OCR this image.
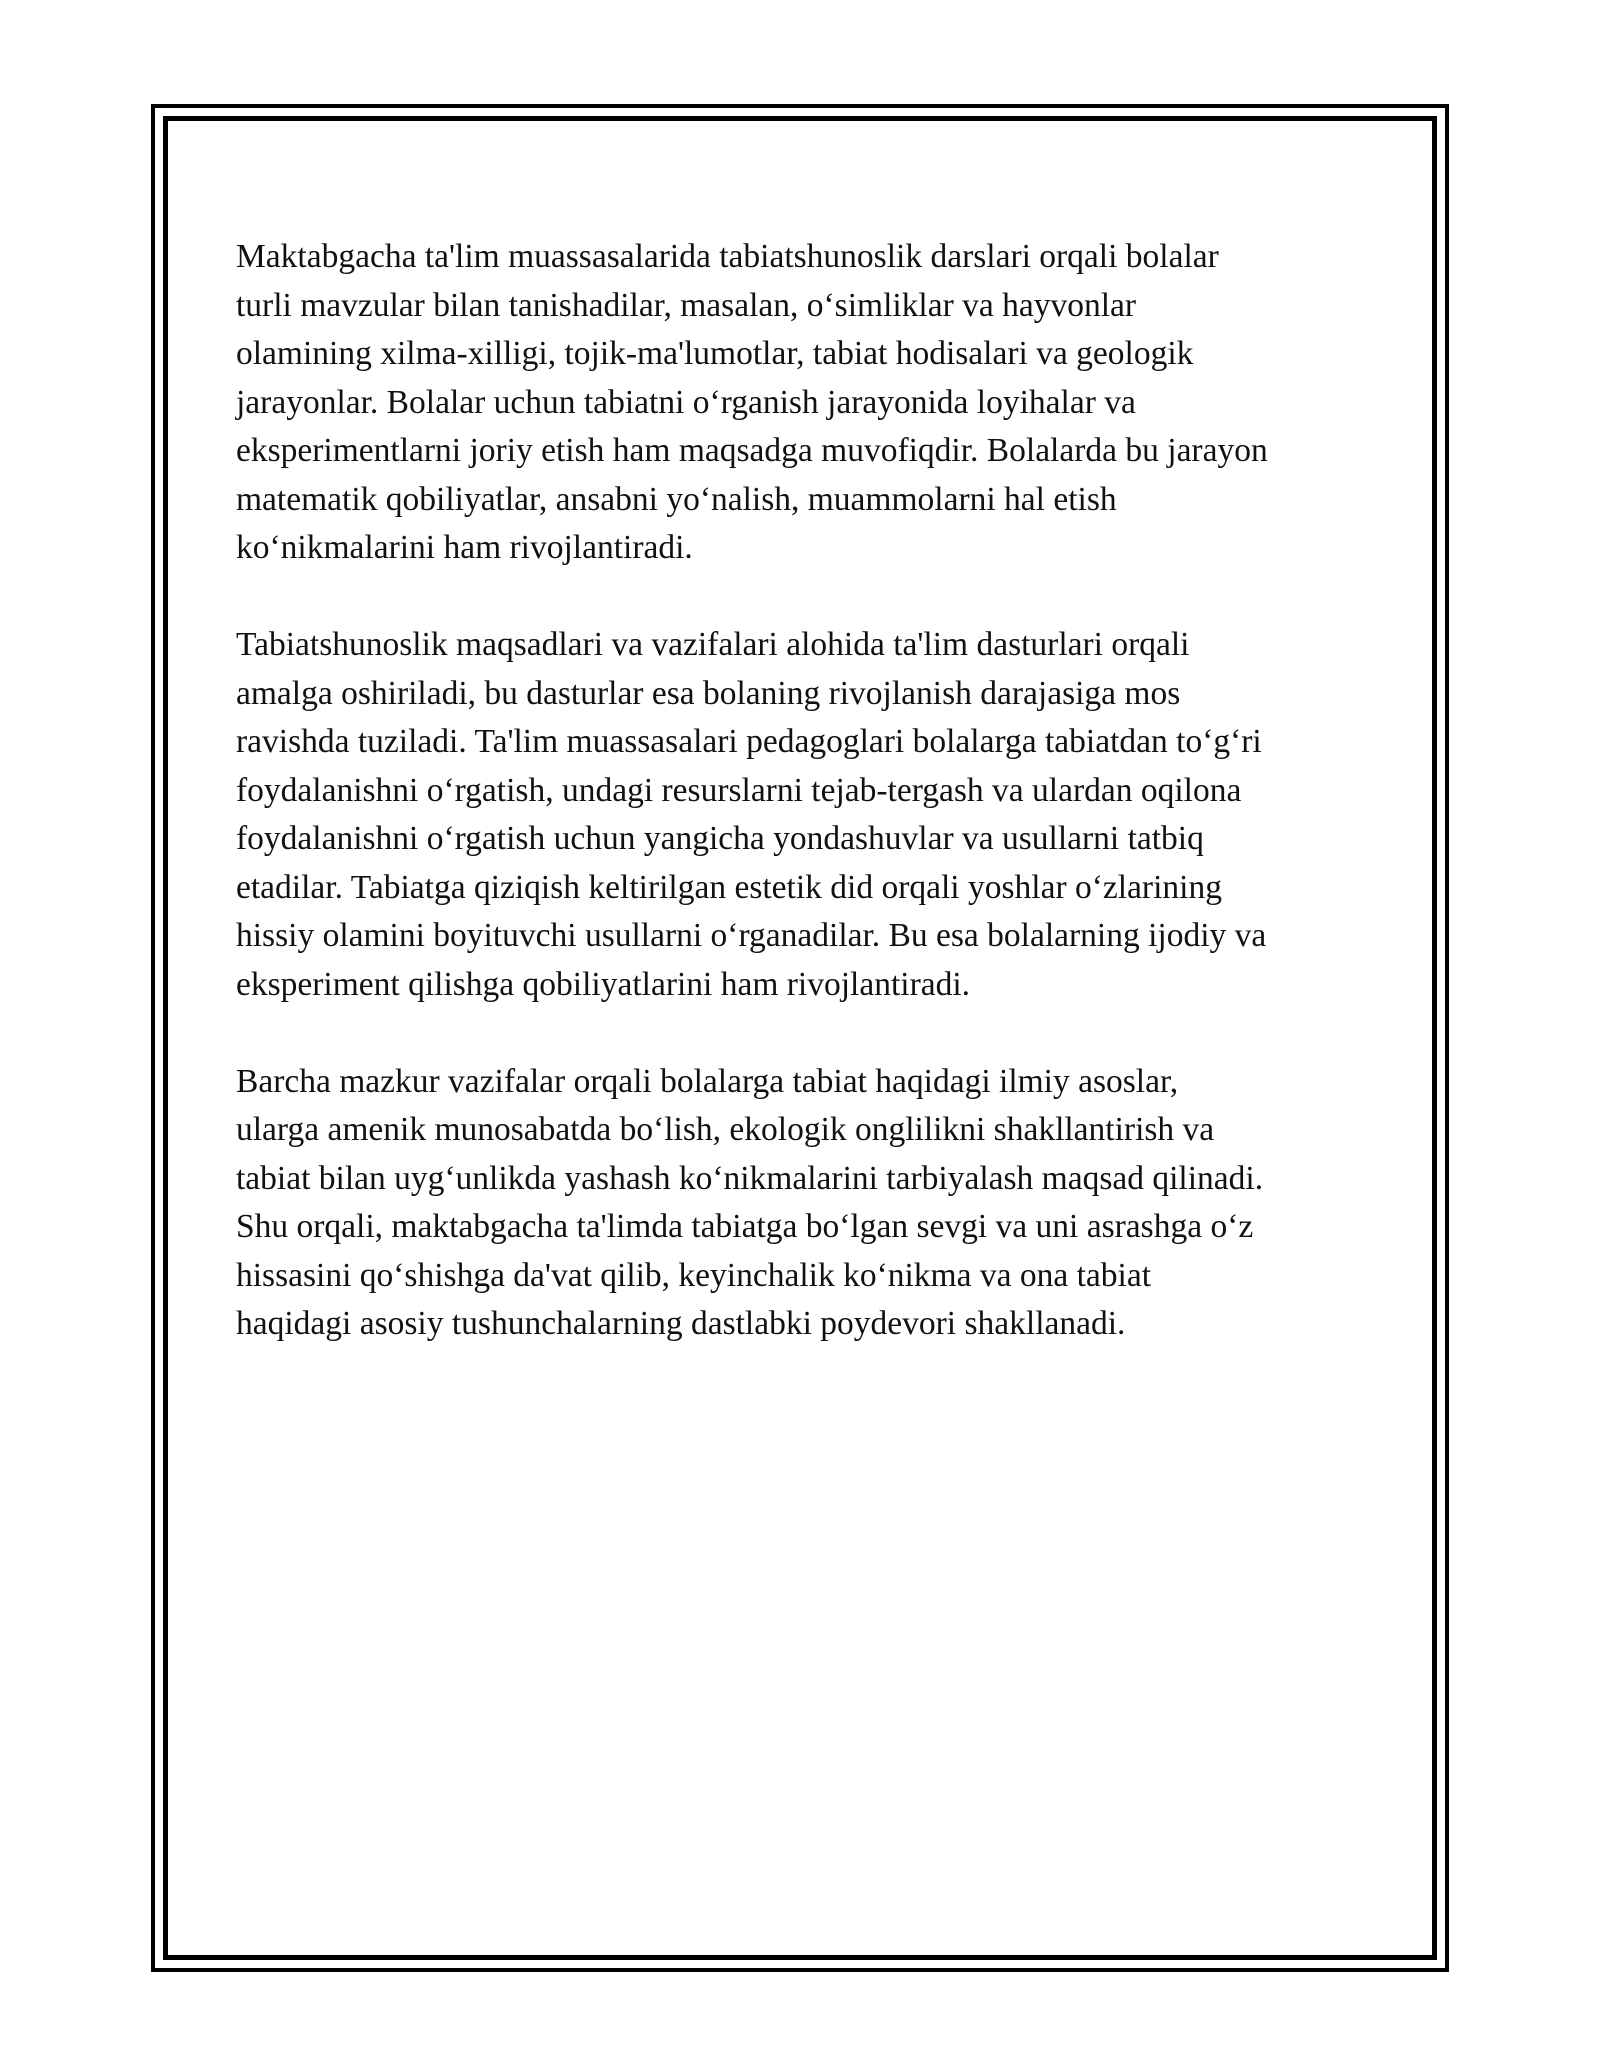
Maktabgacha ta'lim muassasalarida tabiatshunoslik darslari orqali bolalar
turli mavzular bilan tanishadilar, masalan, o‘simliklar va hayvonlar
olamining xilma-xilligi, tojik-ma'lumotlar, tabiat hodisalari va geologik
jarayonlar. Bolalar uchun tabiatni o‘rganish jarayonida loyihalar va
eksperimentlarni joriy etish ham maqsadga muvofiqdir. Bolalarda bu jarayon
matematik qobiliyatlar, ansabni yo‘nalish, muammolarni hal etish
ko‘nikmalarini ham rivojlantiradi.

Tabiatshunoslik maqsadlari va vazifalari alohida ta'lim dasturlari orqali
amalga oshiriladi, bu dasturlar esa bolaning rivojlanish darajasiga mos
ravishda tuziladi. Ta'lim muassasalari pedagoglari bolalarga tabiatdan to‘g‘ri
foydalanishni o‘rgatish, undagi resurslarni tejab-tergash va ulardan oqilona
foydalanishni o‘rgatish uchun yangicha yondashuvlar va usullarni tatbiq
etadilar. Tabiatga qiziqish keltirilgan estetik did orqali yoshlar o‘zlarining
hissiy olamini boyituvchi usullarni o‘rganadilar. Bu esa bolalarning ijodiy va
eksperiment qilishga qobiliyatlarini ham rivojlantiradi.

Barcha mazkur vazifalar orqali bolalarga tabiat haqidagi ilmiy asoslar,
ularga amenik munosabatda bo‘lish, ekologik onglilikni shakllantirish va
tabiat bilan uyg‘unlikda yashash ko‘nikmalarini tarbiyalash maqsad qilinadi.
Shu orqali, maktabgacha ta'limda tabiatga bo‘lgan sevgi va uni asrashga o‘z
hissasini qo‘shishga da'vat qilib, keyinchalik ko‘nikma va ona tabiat
haqidagi asosiy tushunchalarning dastlabki poydevori shakllanadi.
